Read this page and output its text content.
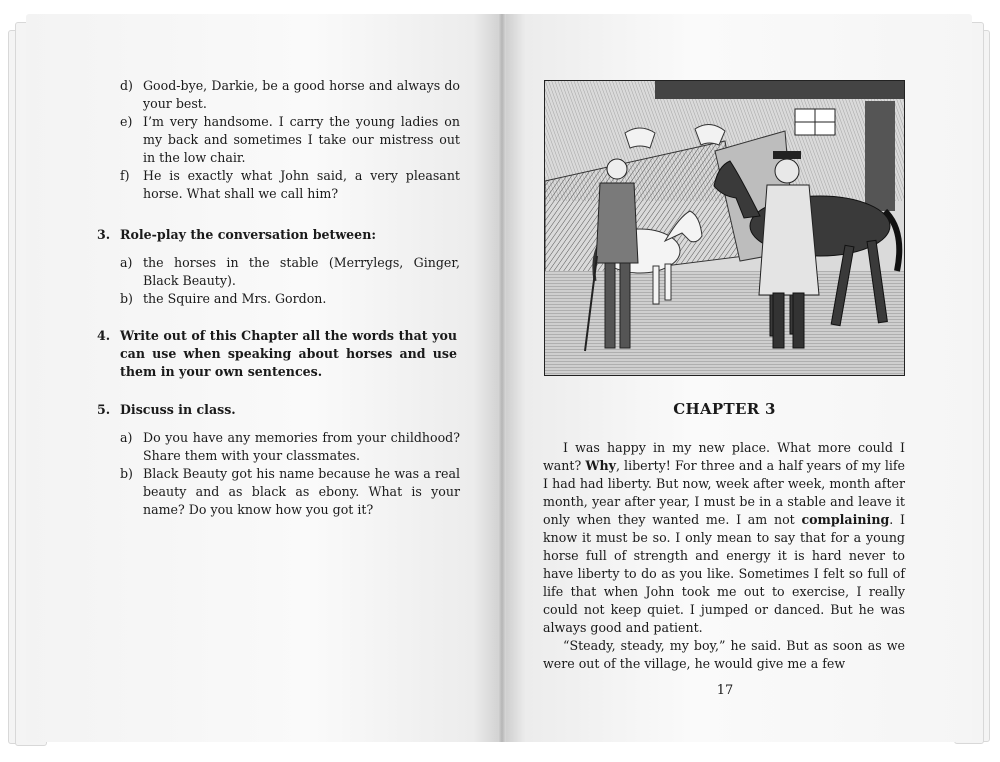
d) Good-bye, Darkie, be a good horse and always do your best.
e) I’m very handsome. I carry the young ladies on my back and sometimes I take our mistress out in the low chair.
f)	He is exactly what John said, a very pleasant horse. What shall we call him?
3. Role-play the conversation between:
a) the horses in the stable (Merrylegs, Ginger, Black Beauty).
b) the Squire and Mrs. Gordon.
4. Write out of this Chapter all the words that you can use when speaking about horses and use them in your own sentences.
5. Discuss in class.
a) Do you have any memories from your childhood? Share them with your classmates.
b) Black Beauty got his name because he was a real beauty and as black as ebony. What is your name? Do you know how you got it?
CHAPTER 3
I was happy in my new place. What more could I want? Why, liberty! For three and a half years of my life I had had liberty. But now, week after week, month after month, year after year, I must be in a stable and leave it only when they wanted me. I am not complaining. I know it must be so. I only mean to say that for a young horse full of strength and energy it is hard never to have liberty to do as you like. Sometimes I felt so full of life that when John took me out to exercise, I really could not keep quiet. I jumped or danced. But he was always good and patient.
“Steady, steady, my boy,” he said. But as soon as we were out of the village, he would give me a few
17
